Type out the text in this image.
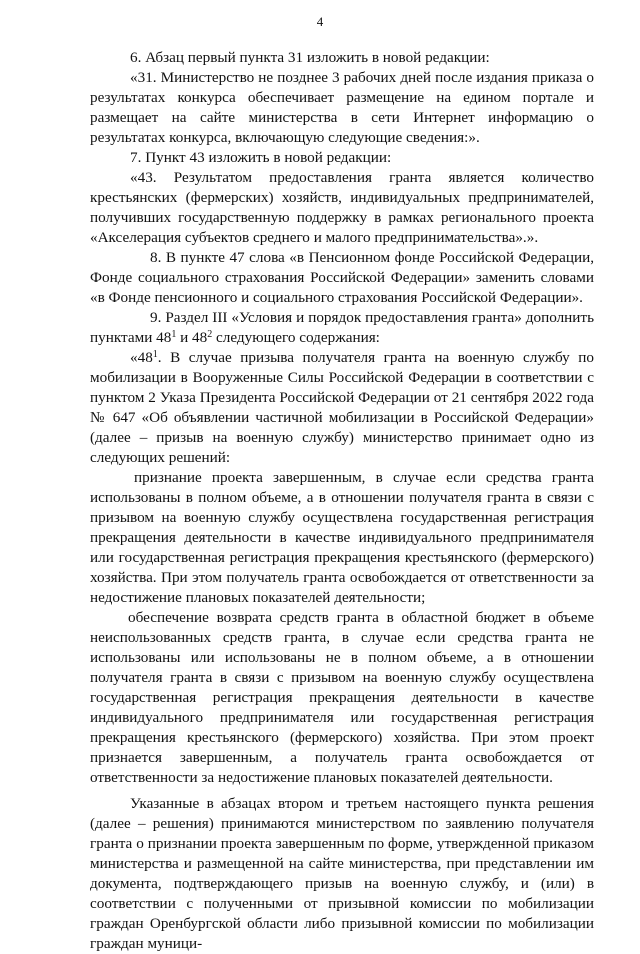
4

6. Абзац первый пункта 31 изложить в новой редакции:

«31. Министерство не позднее 3 рабочих дней после издания приказа о результатах конкурса обеспечивает размещение на едином портале и размещает на сайте министерства в сети Интернет информацию о результатах конкурса, включающую следующие сведения:».

7. Пункт 43 изложить в новой редакции:

«43. Результатом предоставления гранта является количество крестьянских (фермерских) хозяйств, индивидуальных предпринимателей, получивших государственную поддержку в рамках регионального проекта «Акселерация субъектов среднего и малого предпринимательства».».

8. В пункте 47 слова «в Пенсионном фонде Российской Федерации, Фонде социального страхования Российской Федерации» заменить словами «в Фонде пенсионного и социального страхования Российской Федерации».

9. Раздел III «Условия и порядок предоставления гранта» дополнить пунктами $48^1$ и $48^2$ следующего содержания:

«$48^1$. В случае призыва получателя гранта на военную службу по мобилизации в Вооруженные Силы Российской Федерации в соответствии с пунктом 2 Указа Президента Российской Федерации от 21 сентября 2022 года № 647 «Об объявлении частичной мобилизации в Российской Федерации» (далее – призыв на военную службу) министерство принимает одно из следующих решений:

признание проекта завершенным, в случае если средства гранта использованы в полном объеме, а в отношении получателя гранта в связи с призывом на военную службу осуществлена государственная регистрация прекращения деятельности в качестве индивидуального предпринимателя или государственная регистрация прекращения крестьянского (фермерского) хозяйства. При этом получатель гранта освобождается от ответственности за недостижение плановых показателей деятельности;

обеспечение возврата средств гранта в областной бюджет в объеме неиспользованных средств гранта, в случае если средства гранта не использованы или использованы не в полном объеме, а в отношении получателя гранта в связи с призывом на военную службу осуществлена государственная регистрация прекращения деятельности в качестве индивидуального предпринимателя или государственная регистрация прекращения крестьянского (фермерского) хозяйства. При этом проект признается завершенным, а получатель гранта освобождается от ответственности за недостижение плановых показателей деятельности.

Указанные в абзацах втором и третьем настоящего пункта решения (далее – решения) принимаются министерством по заявлению получателя гранта о признании проекта завершенным по форме, утвержденной приказом министерства и размещенной на сайте министерства, при представлении им документа, подтверждающего призыв на военную службу, и (или) в соответствии с полученными от призывной комиссии по мобилизации граждан Оренбургской области либо призывной комиссии по мобилизации граждан муници-
